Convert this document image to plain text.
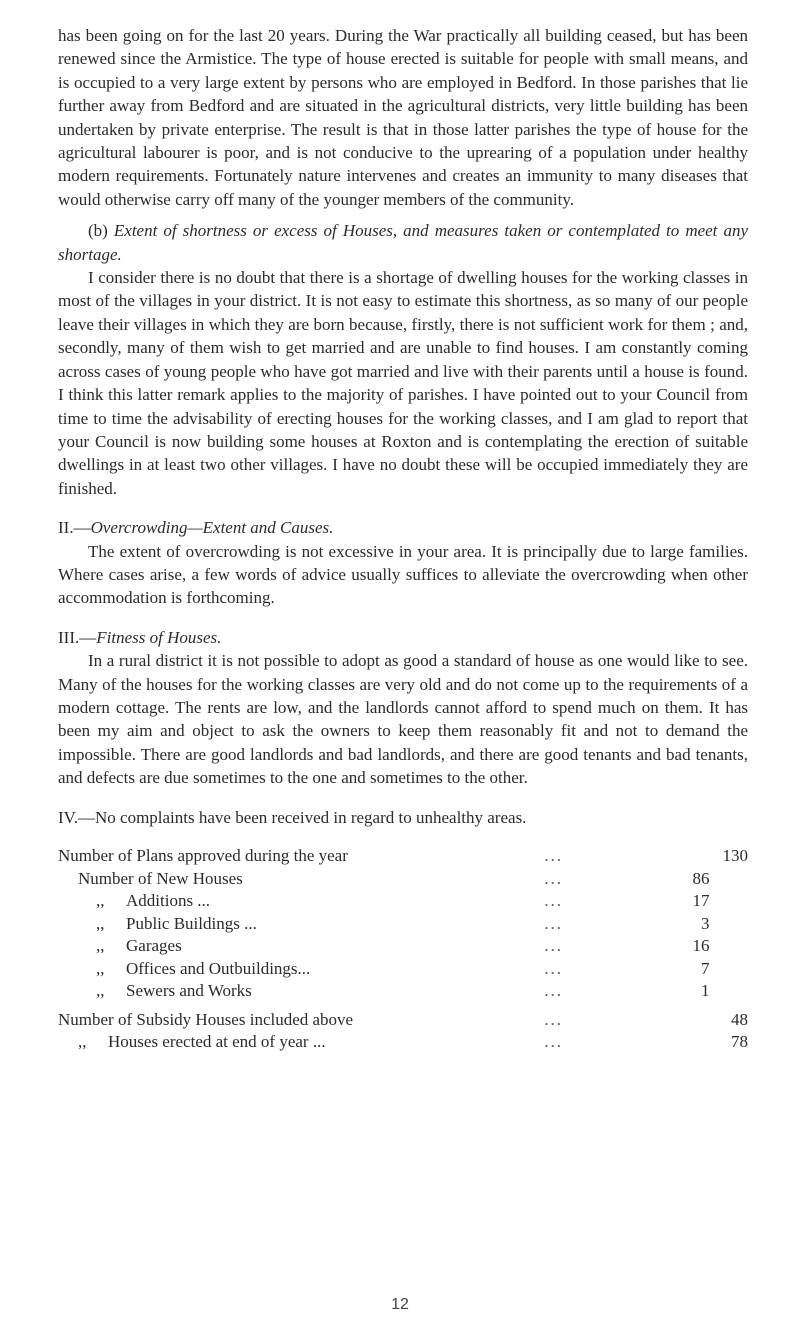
has been going on for the last 20 years. During the War practically all building ceased, but has been renewed since the Armistice. The type of house erected is suitable for people with small means, and is occupied to a very large extent by persons who are employed in Bedford. In those parishes that lie further away from Bedford and are situated in the agricultural districts, very little building has been undertaken by private enterprise. The result is that in those latter parishes the type of house for the agricultural labourer is poor, and is not conducive to the uprearing of a population under healthy modern requirements. Fortunately nature intervenes and creates an immunity to many diseases that would otherwise carry off many of the younger members of the community.

(b) Extent of shortness or excess of Houses, and measures taken or contemplated to meet any shortage.

I consider there is no doubt that there is a shortage of dwelling houses for the working classes in most of the villages in your district. It is not easy to estimate this shortness, as so many of our people leave their villages in which they are born because, firstly, there is not sufficient work for them ; and, secondly, many of them wish to get married and are unable to find houses. I am constantly coming across cases of young people who have got married and live with their parents until a house is found. I think this latter remark applies to the majority of parishes. I have pointed out to your Council from time to time the advisability of erecting houses for the working classes, and I am glad to report that your Council is now building some houses at Roxton and is contemplating the erection of suitable dwellings in at least two other villages. I have no doubt these will be occupied immediately they are finished.

II.—Overcrowding—Extent and Causes.

The extent of overcrowding is not excessive in your area. It is principally due to large families. Where cases arise, a few words of advice usually suffices to alleviate the overcrowding when other accommodation is forthcoming.

III.—Fitness of Houses.

In a rural district it is not possible to adopt as good a standard of house as one would like to see. Many of the houses for the working classes are very old and do not come up to the requirements of a modern cottage. The rents are low, and the landlords cannot afford to spend much on them. It has been my aim and object to ask the owners to keep them reasonably fit and not to demand the impossible. There are good landlords and bad landlords, and there are good tenants and bad tenants, and defects are due sometimes to the one and sometimes to the other.

IV.—No complaints have been received in regard to unhealthy areas.

Number of Plans approved during the year	...		130
Number of New Houses	...	86	
,, Additions ...	...	17	
,, Public Buildings ...	...	3	
,, Garages	...	16	
,, Offices and Outbuildings...	...	7	
,, Sewers and Works	...	1	
Number of Subsidy Houses included above	...		48
,, Houses erected at end of year ...	...		78
12
